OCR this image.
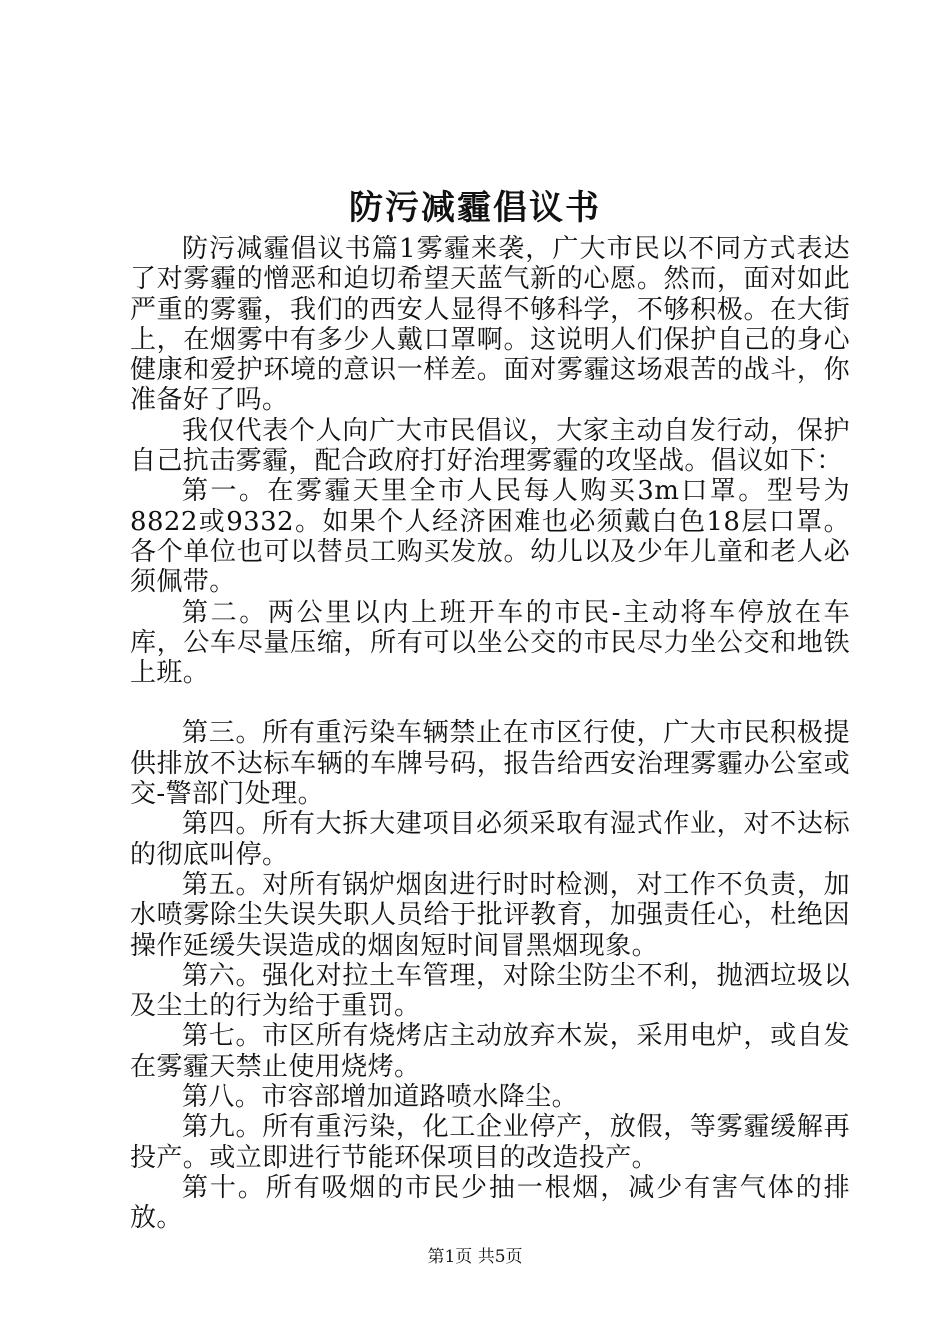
防污减霾倡议书

防污减霾倡议书篇1雾霾来袭，广大市民以不同方式表达了对雾霾的憎恶和迫切希望天蓝气新的心愿。然而，面对如此严重的雾霾，我们的西安人显得不够科学，不够积极。在大街上，在烟雾中有多少人戴口罩啊。这说明人们保护自己的身心健康和爱护环境的意识一样差。面对雾霾这场艰苦的战斗，你准备好了吗。

我仅代表个人向广大市民倡议，大家主动自发行动，保护自己抗击雾霾，配合政府打好治理雾霾的攻坚战。倡议如下：

第一。在雾霾天里全市人民每人购买3m口罩。型号为8822或9332。如果个人经济困难也必须戴白色18层口罩。各个单位也可以替员工购买发放。幼儿以及少年儿童和老人必须佩带。

第二。两公里以内上班开车的市民-主动将车停放在车库，公车尽量压缩，所有可以坐公交的市民尽力坐公交和地铁上班。

第三。所有重污染车辆禁止在市区行使，广大市民积极提供排放不达标车辆的车牌号码，报告给西安治理雾霾办公室或交-警部门处理。

第四。所有大拆大建项目必须采取有湿式作业，对不达标的彻底叫停。

第五。对所有锅炉烟囱进行时时检测，对工作不负责，加水喷雾除尘失误失职人员给于批评教育，加强责任心，杜绝因操作延缓失误造成的烟囱短时间冒黑烟现象。

第六。强化对拉土车管理，对除尘防尘不利，抛洒垃圾以及尘土的行为给于重罚。

第七。市区所有烧烤店主动放弃木炭，采用电炉，或自发在雾霾天禁止使用烧烤。

第八。市容部增加道路喷水降尘。

第九。所有重污染，化工企业停产，放假，等雾霾缓解再投产。或立即进行节能环保项目的改造投产。

第十。所有吸烟的市民少抽一根烟，减少有害气体的排放。

第1页 共5页
